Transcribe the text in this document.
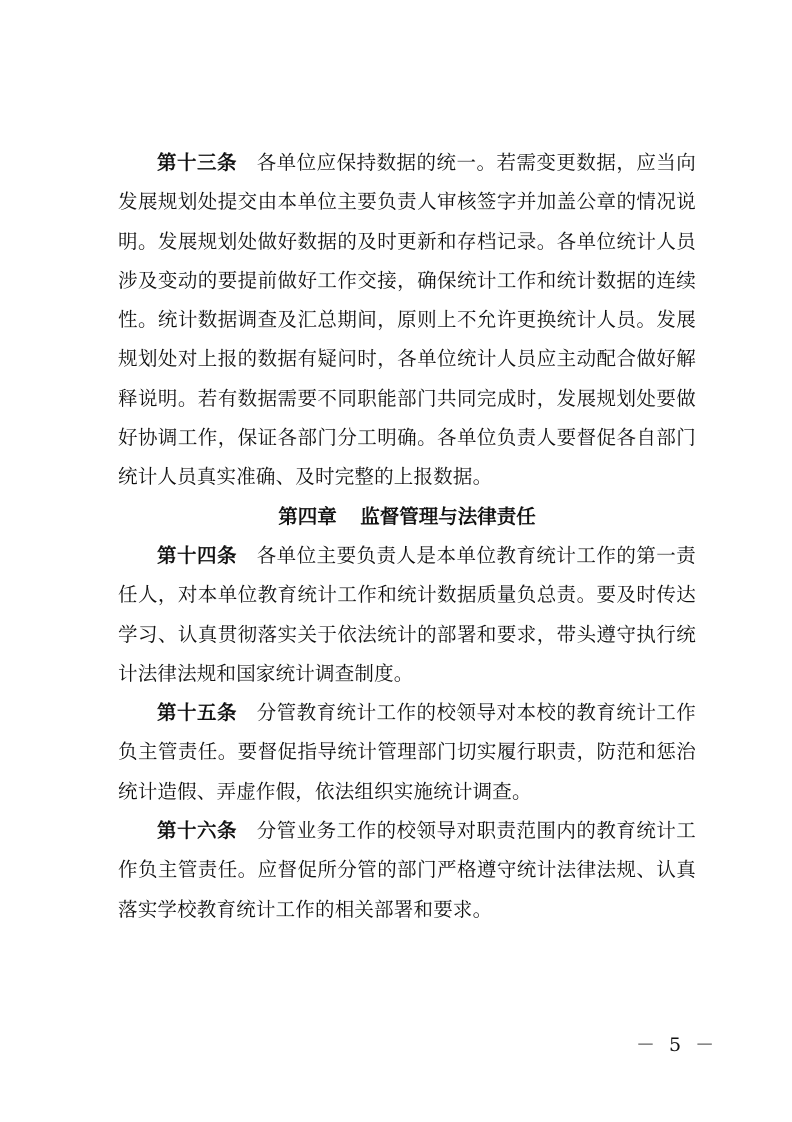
第十三条 各单位应保持数据的统一。若需变更数据，应当向发展规划处提交由本单位主要负责人审核签字并加盖公章的情况说明。发展规划处做好数据的及时更新和存档记录。各单位统计人员涉及变动的要提前做好工作交接，确保统计工作和统计数据的连续性。统计数据调查及汇总期间，原则上不允许更换统计人员。发展规划处对上报的数据有疑问时，各单位统计人员应主动配合做好解释说明。若有数据需要不同职能部门共同完成时，发展规划处要做好协调工作，保证各部门分工明确。各单位负责人要督促各自部门统计人员真实准确、及时完整的上报数据。

第四章 监督管理与法律责任

第十四条 各单位主要负责人是本单位教育统计工作的第一责任人，对本单位教育统计工作和统计数据质量负总责。要及时传达学习、认真贯彻落实关于依法统计的部署和要求，带头遵守执行统计法律法规和国家统计调查制度。

第十五条 分管教育统计工作的校领导对本校的教育统计工作负主管责任。要督促指导统计管理部门切实履行职责，防范和惩治统计造假、弄虚作假，依法组织实施统计调查。

第十六条 分管业务工作的校领导对职责范围内的教育统计工作负主管责任。应督促所分管的部门严格遵守统计法律法规、认真落实学校教育统计工作的相关部署和要求。

－ 5 －
